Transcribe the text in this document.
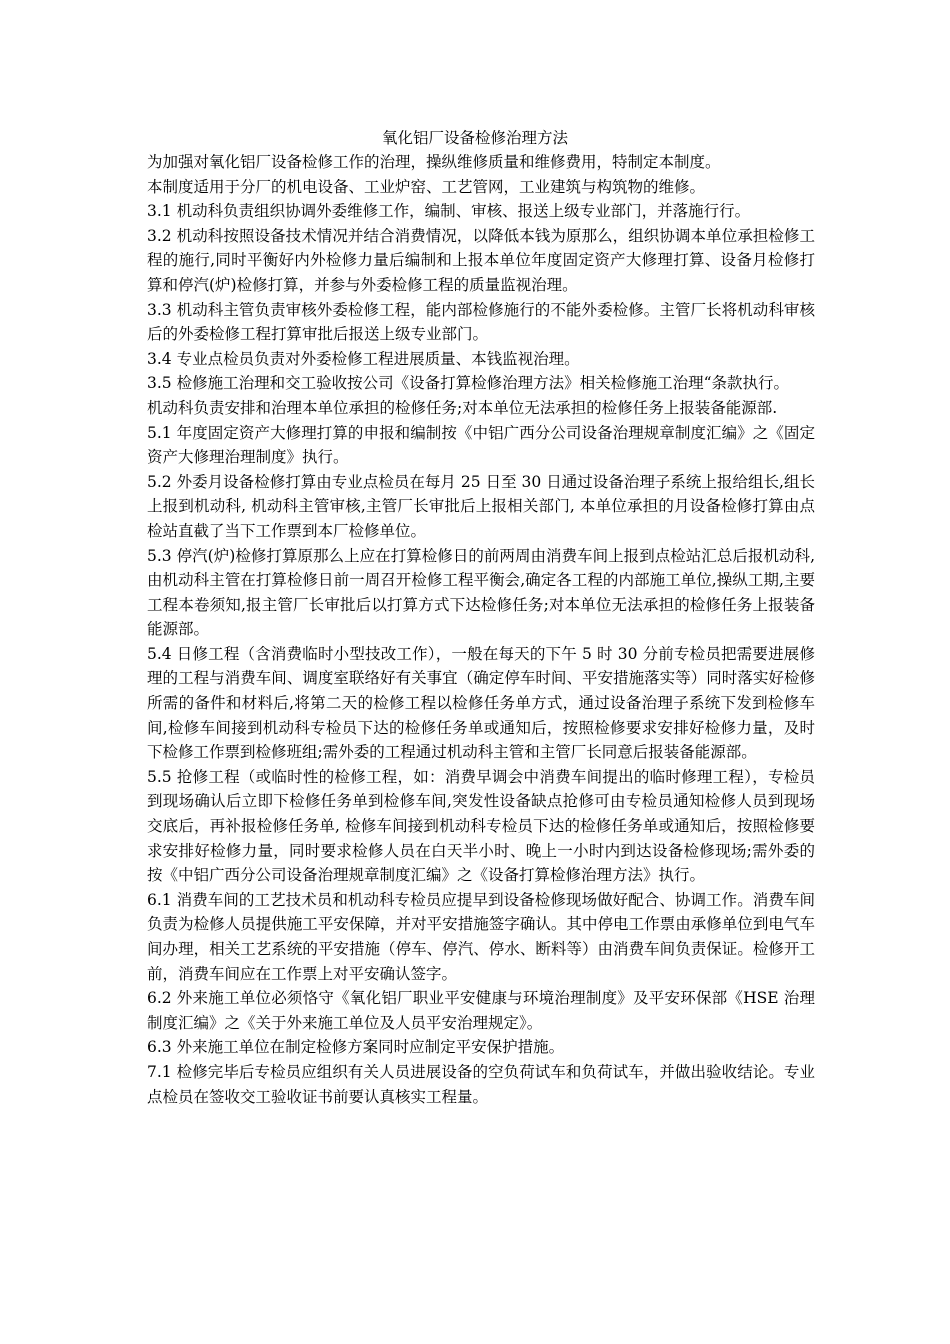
氧化铝厂设备检修治理方法

为加强对氧化铝厂设备检修工作的治理，操纵维修质量和维修费用，特制定本制度。

本制度适用于分厂的机电设备、工业炉窑、工艺管网，工业建筑与构筑物的维修。

3.1 机动科负责组织协调外委维修工作，编制、审核、报送上级专业部门，并落施行行。

3.2 机动科按照设备技术情况并结合消费情况，以降低本钱为原那么，组织协调本单位承担检修工程的施行,同时平衡好内外检修力量后编制和上报本单位年度固定资产大修理打算、设备月检修打算和停汽(炉)检修打算，并参与外委检修工程的质量监视治理。

3.3 机动科主管负责审核外委检修工程，能内部检修施行的不能外委检修。主管厂长将机动科审核后的外委检修工程打算审批后报送上级专业部门。

3.4 专业点检员负责对外委检修工程进展质量、本钱监视治理。

3.5 检修施工治理和交工验收按公司《设备打算检修治理方法》相关检修施工治理“条款执行。

机动科负责安排和治理本单位承担的检修任务;对本单位无法承担的检修任务上报装备能源部.

5.1 年度固定资产大修理打算的申报和编制按《中铝广西分公司设备治理规章制度汇编》之《固定资产大修理治理制度》执行。

5.2 外委月设备检修打算由专业点检员在每月 25 日至 30 日通过设备治理子系统上报给组长,组长上报到机动科, 机动科主管审核,主管厂长审批后上报相关部门, 本单位承担的月设备检修打算由点检站直截了当下工作票到本厂检修单位。

5.3 停汽(炉)检修打算原那么上应在打算检修日的前两周由消费车间上报到点检站汇总后报机动科,由机动科主管在打算检修日前一周召开检修工程平衡会,确定各工程的内部施工单位,操纵工期,主要工程本卷须知,报主管厂长审批后以打算方式下达检修任务;对本单位无法承担的检修任务上报装备能源部。

5.4 日修工程（含消费临时小型技改工作），一般在每天的下午 5 时 30 分前专检员把需要进展修理的工程与消费车间、调度室联络好有关事宜（确定停车时间、平安措施落实等）同时落实好检修所需的备件和材料后,将第二天的检修工程以检修任务单方式，通过设备治理子系统下发到检修车间,检修车间接到机动科专检员下达的检修任务单或通知后，按照检修要求安排好检修力量，及时下检修工作票到检修班组;需外委的工程通过机动科主管和主管厂长同意后报装备能源部。

5.5 抢修工程（或临时性的检修工程，如：消费早调会中消费车间提出的临时修理工程），专检员到现场确认后立即下检修任务单到检修车间,突发性设备缺点抢修可由专检员通知检修人员到现场交底后，再补报检修任务单, 检修车间接到机动科专检员下达的检修任务单或通知后，按照检修要求安排好检修力量，同时要求检修人员在白天半小时、晚上一小时内到达设备检修现场;需外委的按《中铝广西分公司设备治理规章制度汇编》之《设备打算检修治理方法》执行。

6.1 消费车间的工艺技术员和机动科专检员应提早到设备检修现场做好配合、协调工作。消费车间负责为检修人员提供施工平安保障，并对平安措施签字确认。其中停电工作票由承修单位到电气车间办理，相关工艺系统的平安措施（停车、停汽、停水、断料等）由消费车间负责保证。检修开工前，消费车间应在工作票上对平安确认签字。

6.2 外来施工单位必须恪守《氧化铝厂职业平安健康与环境治理制度》及平安环保部《HSE 治理制度汇编》之《关于外来施工单位及人员平安治理规定》。

6.3 外来施工单位在制定检修方案同时应制定平安保护措施。

7.1 检修完毕后专检员应组织有关人员进展设备的空负荷试车和负荷试车，并做出验收结论。专业点检员在签收交工验收证书前要认真核实工程量。
